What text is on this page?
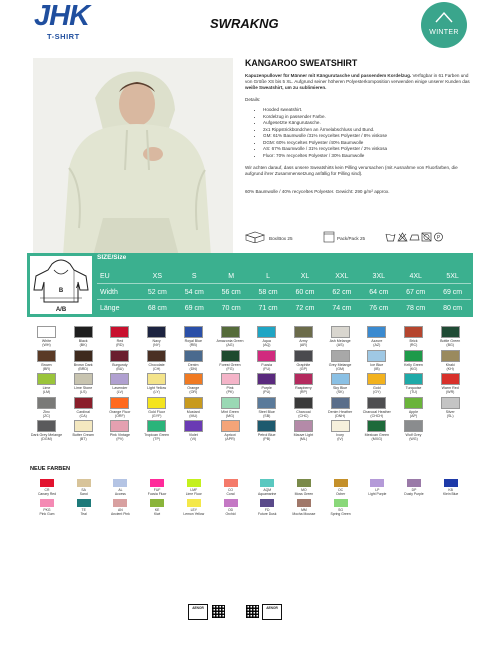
JHK
T-SHIRT
SWRAKNG
WINTER
KANGAROO SWEATSHIRT

Kapuzenpullover für Männer mit Kängurutasche und passendem Kordelzug. Verfügbar in 61 Farben und von Größe XS bis 5 XL. Aufgrund seiner höheren Polyesterkomposition verwenden einige unserer Kunden das weiße Sweatshirt, um zu sublimieren.

Details:

• Hooded sweatshirt.
• Kordelzug in passender Farbe.
• Aufgesetzte Kängurutasche.
• 2x1 Rippstrickbündchen an Ärmelabschluss und Bund.
• GM: 61% Baumwolle /31% recyceltes Polyester / 8% viskose
• DGM: 60% recyceltes Polyester /40% Baumwolle
• AS: 67% Baumwolle / 31% recyceltes Polyester / 2% viskosa
• Fluor: 70% recyceltes Polyester / 30% Baumwolle

Wir achten darauf, dass unsere Sweatshirts kein Pilling verursachen (mit Ausnahme von Fluorfarben, die aufgrund ihrer Zusammensetzung anfällig für Pilling sind).

60% Baumwolle / 40% recyceltes Polyester. Gewicht: 290 g/m² approx.

Box/Box 25	Pack/Pack 25	P
B
A
A/B
SIZE/Size
EU	XS	S	M	L	XL	XXL	3XL	4XL	5XL
Width	52 cm	54 cm	56 cm	58 cm	60 cm	62 cm	64 cm	67 cm	69 cm
Länge	68 cm	69 cm	70 cm	71 cm	72 cm	74 cm	76 cm	78 cm	80 cm
White
(WH)
Black
(BK)
Red
(RD)
Navy
(NY)
Royal Blue
(RB)
Amazonia Green
(AG)
Aqua
(AQ)
Army
(AR)
Ash Melange
(AS)
Azzure
(AZ)
Brick
(RC)
Bottle Green
(BG)
Brown
(BR)
Brown Dark
(BRD)
Burgundy
(BU)
Chocolate
(CH)
Denim
(DN)
Forest Green
(FG)
Fucsia
(FU)
Graphite
(GP)
Grey Melange
(GM)
Ice Blue
(IB)
Kelly Green
(KG)
Khaki
(KH)
Lime
(LM)
Lime Stone
(LS)
Lavender
(LV)
Light Yellow
(LY)
Orange
(OR)
Pink
(PK)
Purple
(PU)
Raspberry
(RP)
Sky Blue
(SK)
Gold
(GY)
Turquoise
(TU)
Warm Red
(WR)
Zinc
(ZC)
Cardinal
(CA)
Orange Fluor
(ORF)
Gold Fluor
(GYF)
Mustard
(MU)
Mint Green
(MG)
Steel Blue
(SB)
Charcoal
(CHC)
Denim Heather
(DNH)
Charcoal Heather
(CHCH)
Apple
(AP)
Silver
(SL)
Dark Grey Melange
(DGM)
Butter Cream
(BT)
Pink Vintage
(PV)
Tropican Green
(TP)
Violet
(VI)
Apricot
(APR)
Petrol Blue
(PB)
Mauve Light
(ML)
Ivory
(IV)
Mexican Green
(MXG)
Wolf Grey
(WG)
NEUE FARBEN
CR
Canary Red
SA
Sand
AL
Access
FUF
Fucsia Fluor
LMF
Lime Fluor
CO
Coral
AQM
Aquamarine
MO
Moss Green
OC
Ocher
LP
Light Purple
DP
Dusty Purple
KB
Klein Blue
PKG
Pink Gum
TE
Teal
AN
Ancient Pink
KE
Kiwi
LEY
Lemon Yellow
OD
Orchid
FD
Future Dusk
MM
Mocha Mousse
SG
Spring Green
AENOR	AENOR
